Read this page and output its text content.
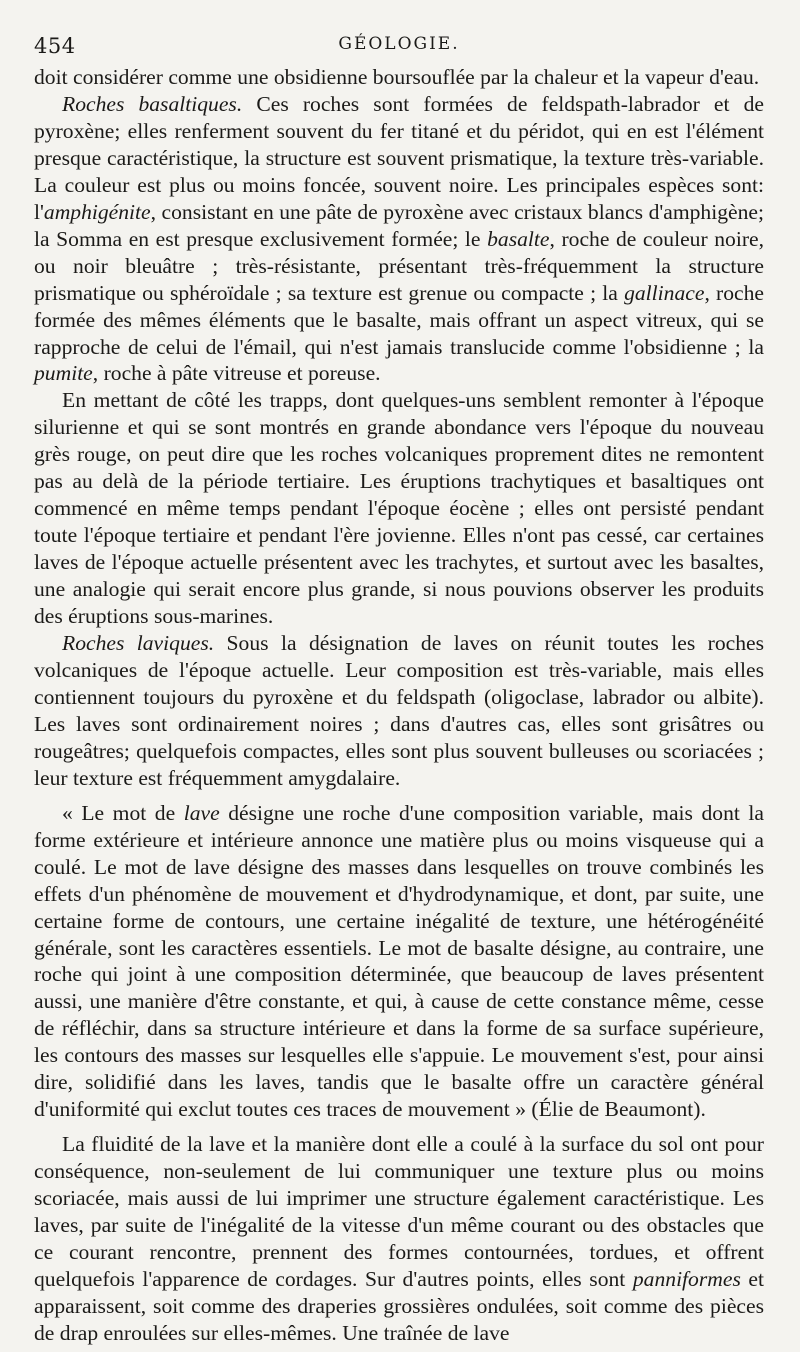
454	GÉOLOGIE.

doit considérer comme une obsidienne boursouflée par la chaleur et la vapeur d'eau.

Roches basaltiques. Ces roches sont formées de feldspath-labrador et de pyroxène; elles renferment souvent du fer titané et du péridot, qui en est l'élément presque caractéristique, la structure est souvent prismatique, la texture très-variable. La couleur est plus ou moins foncée, souvent noire. Les principales espèces sont: l'amphigénite, consistant en une pâte de pyroxène avec cristaux blancs d'amphigène; la Somma en est presque exclusivement formée; le basalte, roche de couleur noire, ou noir bleuâtre ; très-résistante, présentant très-fréquemment la structure prismatique ou sphéroïdale ; sa texture est grenue ou compacte ; la gallinace, roche formée des mêmes éléments que le basalte, mais offrant un aspect vitreux, qui se rapproche de celui de l'émail, qui n'est jamais translucide comme l'obsidienne ; la pumite, roche à pâte vitreuse et poreuse.

En mettant de côté les trapps, dont quelques-uns semblent remonter à l'époque silurienne et qui se sont montrés en grande abondance vers l'époque du nouveau grès rouge, on peut dire que les roches volcaniques proprement dites ne remontent pas au delà de la période tertiaire. Les éruptions trachytiques et basaltiques ont commencé en même temps pendant l'époque éocène ; elles ont persisté pendant toute l'époque tertiaire et pendant l'ère jovienne. Elles n'ont pas cessé, car certaines laves de l'époque actuelle présentent avec les trachytes, et surtout avec les basaltes, une analogie qui serait encore plus grande, si nous pouvions observer les produits des éruptions sous-marines.

Roches laviques. Sous la désignation de laves on réunit toutes les roches volcaniques de l'époque actuelle. Leur composition est très-variable, mais elles contiennent toujours du pyroxène et du feldspath (oligoclase, labrador ou albite). Les laves sont ordinairement noires ; dans d'autres cas, elles sont grisâtres ou rougeâtres; quelquefois compactes, elles sont plus souvent bulleuses ou scoriacées ; leur texture est fréquemment amygdalaire.

« Le mot de lave désigne une roche d'une composition variable, mais dont la forme extérieure et intérieure annonce une matière plus ou moins visqueuse qui a coulé. Le mot de lave désigne des masses dans lesquelles on trouve combinés les effets d'un phénomène de mouvement et d'hydrodynamique, et dont, par suite, une certaine forme de contours, une certaine inégalité de texture, une hétérogénéité générale, sont les caractères essentiels. Le mot de basalte désigne, au contraire, une roche qui joint à une composition déterminée, que beaucoup de laves présentent aussi, une manière d'être constante, et qui, à cause de cette constance même, cesse de réfléchir, dans sa structure intérieure et dans la forme de sa surface supérieure, les contours des masses sur lesquelles elle s'appuie. Le mouvement s'est, pour ainsi dire, solidifié dans les laves, tandis que le basalte offre un caractère général d'uniformité qui exclut toutes ces traces de mouvement » (Élie de Beaumont).

La fluidité de la lave et la manière dont elle a coulé à la surface du sol ont pour conséquence, non-seulement de lui communiquer une texture plus ou moins scoriacée, mais aussi de lui imprimer une structure également caractéristique. Les laves, par suite de l'inégalité de la vitesse d'un même courant ou des obstacles que ce courant rencontre, prennent des formes contournées, tordues, et offrent quelquefois l'apparence de cordages. Sur d'autres points, elles sont panniformes et apparaissent, soit comme des draperies grossières ondulées, soit comme des pièces de drap enroulées sur elles-mêmes. Une traînée de lave
